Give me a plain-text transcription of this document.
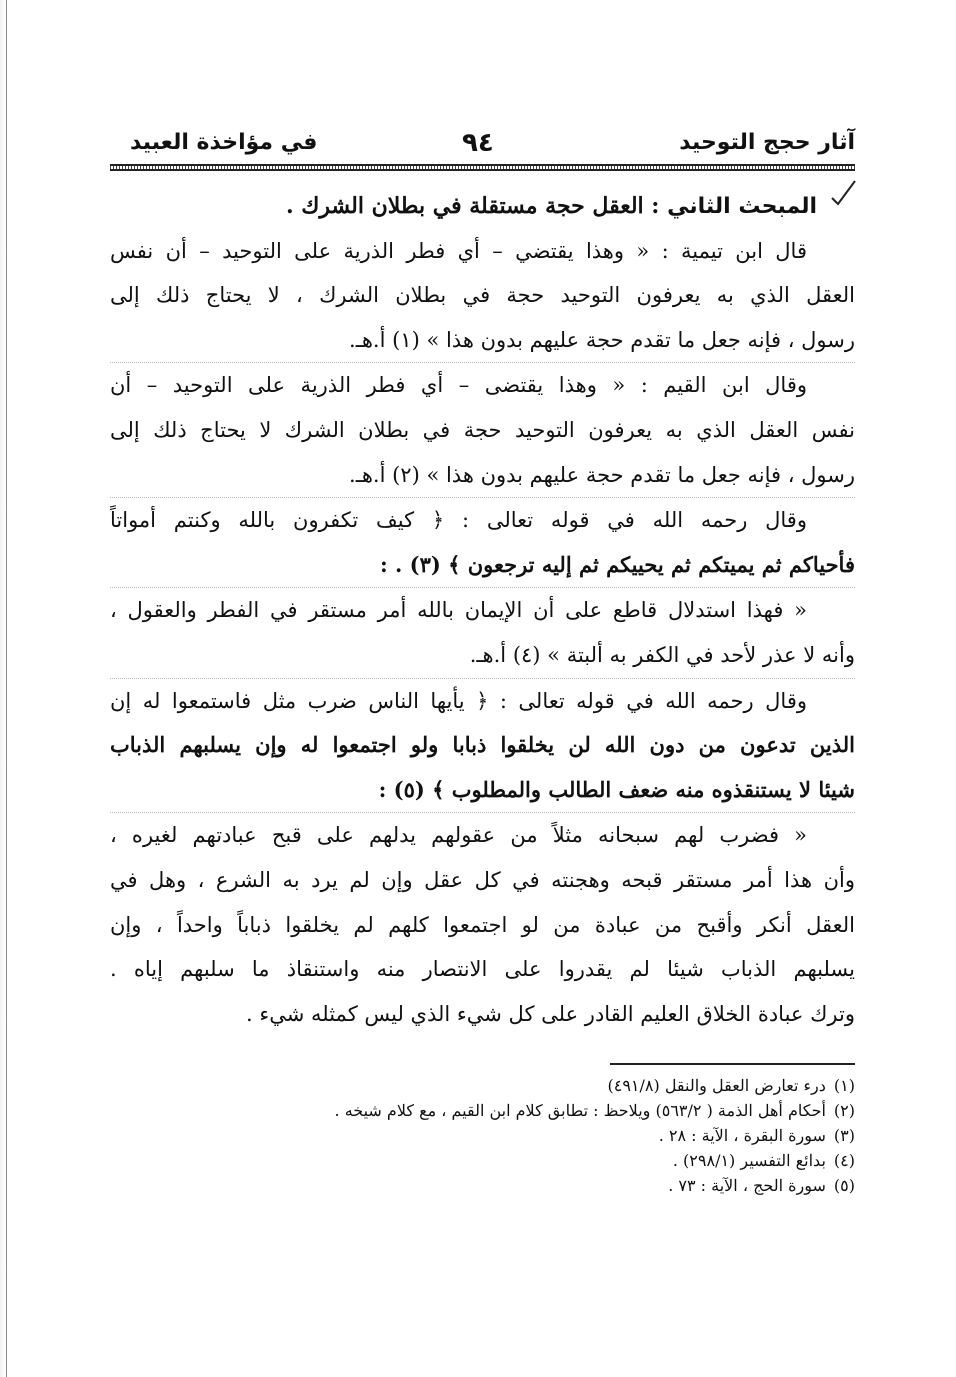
آثار حجج التوحيد
٩٤
في مؤاخذة العبيد
المبحث الثاني : العقل حجة مستقلة في بطلان الشرك .
قال ابن تيمية : « وهذا يقتضي – أي فطر الذرية على التوحيد – أن نفس
العقل الذي به يعرفون التوحيد حجة في بطلان الشرك ، لا يحتاج ذلك إلى
رسول ، فإنه جعل ما تقدم حجة عليهم بدون هذا » (١) أ.هـ.
وقال ابن القيم : « وهذا يقتضى – أي فطر الذرية على التوحيد – أن
نفس العقل الذي به يعرفون التوحيد حجة في بطلان الشرك لا يحتاج ذلك إلى
رسول ، فإنه جعل ما تقدم حجة عليهم بدون هذا » (٢) أ.هـ.
وقال رحمه الله في قوله تعالى : ﴿ كيف تكفرون بالله وكنتم أمواتاً
فأحياكم ثم يميتكم ثم يحييكم ثم إليه ترجعون ﴾ (٣) . :
« فهذا استدلال قاطع على أن الإيمان بالله أمر مستقر في الفطر والعقول ،
وأنه لا عذر لأحد في الكفر به ألبتة » (٤) أ.هـ.
وقال رحمه الله في قوله تعالى : ﴿ يأيها الناس ضرب مثل فاستمعوا له إن
الذين تدعون من دون الله لن يخلقوا ذبابا ولو اجتمعوا له وإن يسلبهم الذباب
شيئا لا يستنقذوه منه ضعف الطالب والمطلوب ﴾ (٥) :
« فضرب لهم سبحانه مثلاً من عقولهم يدلهم على قبح عبادتهم لغيره ،
وأن هذا أمر مستقر قبحه وهجنته في كل عقل وإن لم يرد به الشرع ، وهل في
العقل أنكر وأقبح من عبادة من لو اجتمعوا كلهم لم يخلقوا ذباباً واحداً ، وإن
يسلبهم الذباب شيئا لم يقدروا على الانتصار منه واستنقاذ ما سلبهم إياه .
وترك عبادة الخلاق العليم القادر على كل شيء الذي ليس كمثله شيء .
(١)درء تعارض العقل والنقل (٤٩١/٨)
(٢)أحكام أهل الذمة ( ٥٦٣/٢) ويلاحظ : تطابق كلام ابن القيم ، مع كلام شيخه .
(٣)سورة البقرة ، الآية : ٢٨ .
(٤)بدائع التفسير (٢٩٨/١) .
(٥)سورة الحج ، الآية : ٧٣ .
